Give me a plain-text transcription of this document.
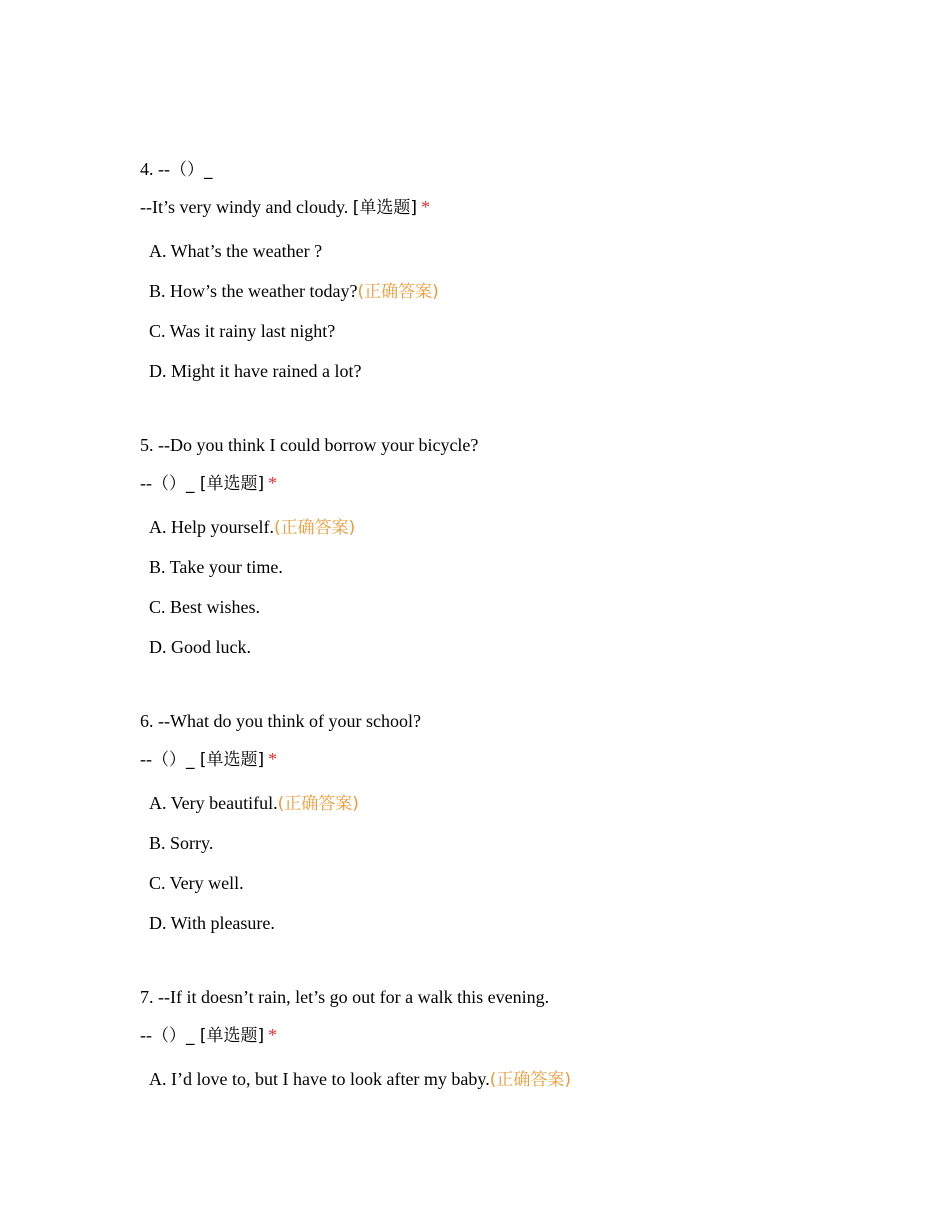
4. --（）_
--It’s very windy and cloudy. [单选题] *
A. What’s the weather ?
B. How’s the weather today?(正确答案)
C. Was it rainy last night?
D. Might it have rained a lot?
5. --Do you think I could borrow your bicycle?
--（）_ [单选题] *
A. Help yourself.(正确答案)
B. Take your time.
C. Best wishes.
D. Good luck.
6. --What do you think of your school?
--（）_ [单选题] *
A. Very beautiful.(正确答案)
B. Sorry.
C. Very well.
D. With pleasure.
7. --If it doesn’t rain, let’s go out for a walk this evening.
--（）_ [单选题] *
A. I’d love to, but I have to look after my baby.(正确答案)
